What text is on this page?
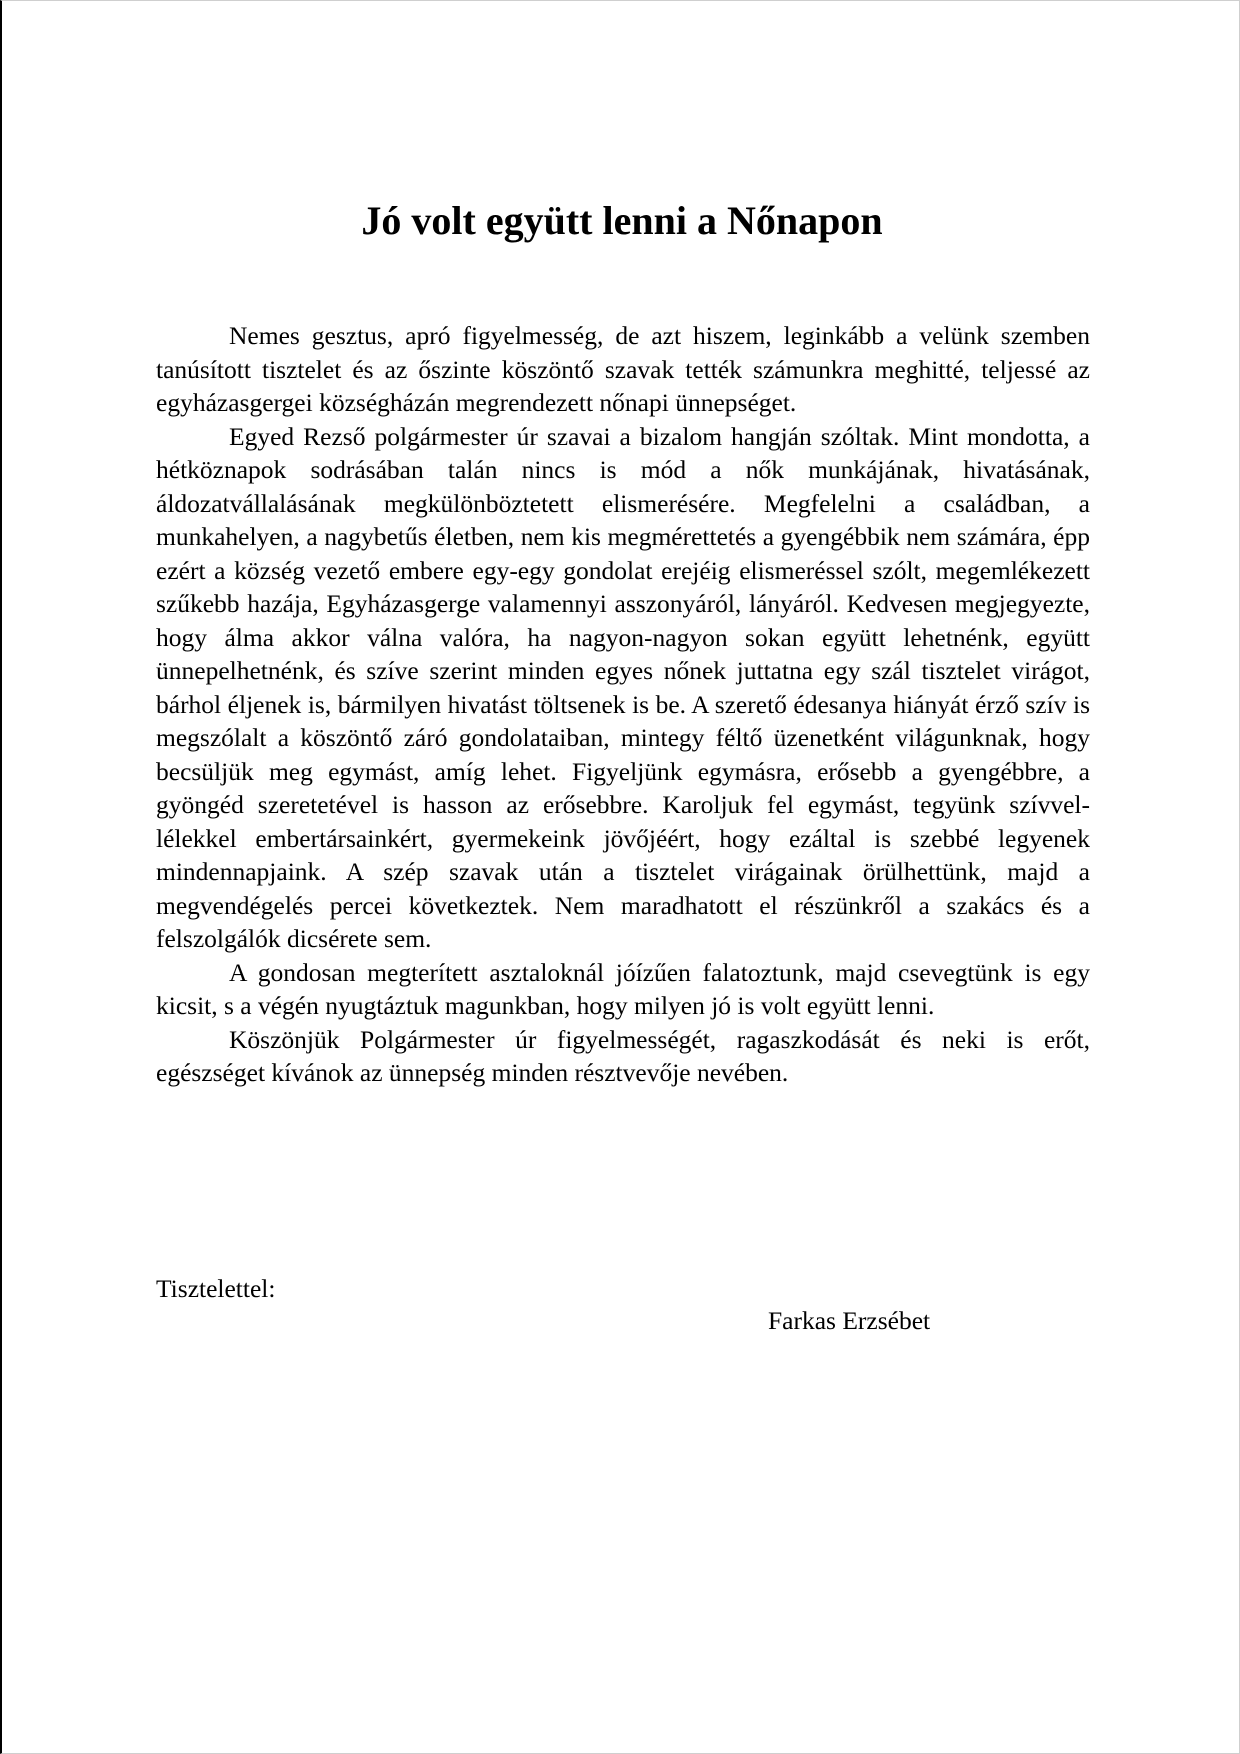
Jó volt együtt lenni a Nőnapon

Nemes gesztus, apró figyelmesség, de azt hiszem, leginkább a velünk szemben tanúsított tisztelet és az őszinte köszöntő szavak tették számunkra meghitté, teljessé az egyházasgergei községházán megrendezett nőnapi ünnepséget.

Egyed Rezső polgármester úr szavai a bizalom hangján szóltak. Mint mondotta, a hétköznapok sodrásában talán nincs is mód a nők munkájának, hivatásának, áldozatvállalásának megkülönböztetett elismerésére. Megfelelni a családban, a munkahelyen, a nagybetűs életben, nem kis megmérettetés a gyengébbik nem számára, épp ezért a község vezető embere egy-egy gondolat erejéig elismeréssel szólt, megemlékezett szűkebb hazája, Egyházasgerge valamennyi asszonyáról, lányáról. Kedvesen megjegyezte, hogy álma akkor válna valóra, ha nagyon-nagyon sokan együtt lehetnénk, együtt ünnepelhetnénk, és szíve szerint minden egyes nőnek juttatna egy szál tisztelet virágot, bárhol éljenek is, bármilyen hivatást töltsenek is be. A szerető édesanya hiányát érző szív is megszólalt a köszöntő záró gondolataiban, mintegy féltő üzenetként világunknak, hogy becsüljük meg egymást, amíg lehet. Figyeljünk egymásra, erősebb a gyengébbre, a gyöngéd szeretetével is hasson az erősebbre. Karoljuk fel egymást, tegyünk szívvel-lélekkel embertársainkért, gyermekeink jövőjéért, hogy ezáltal is szebbé legyenek mindennapjaink. A szép szavak után a tisztelet virágainak örülhettünk, majd a megvendégelés percei következtek. Nem maradhatott el részünkről a szakács és a felszolgálók dicsérete sem.

A gondosan megterített asztaloknál jóízűen falatoztunk, majd csevegtünk is egy kicsit, s a végén nyugtáztuk magunkban, hogy milyen jó is volt együtt lenni.

Köszönjük Polgármester úr figyelmességét, ragaszkodását és neki is erőt, egészséget kívánok az ünnepség minden résztvevője nevében.

Tisztelettel:

Farkas Erzsébet
